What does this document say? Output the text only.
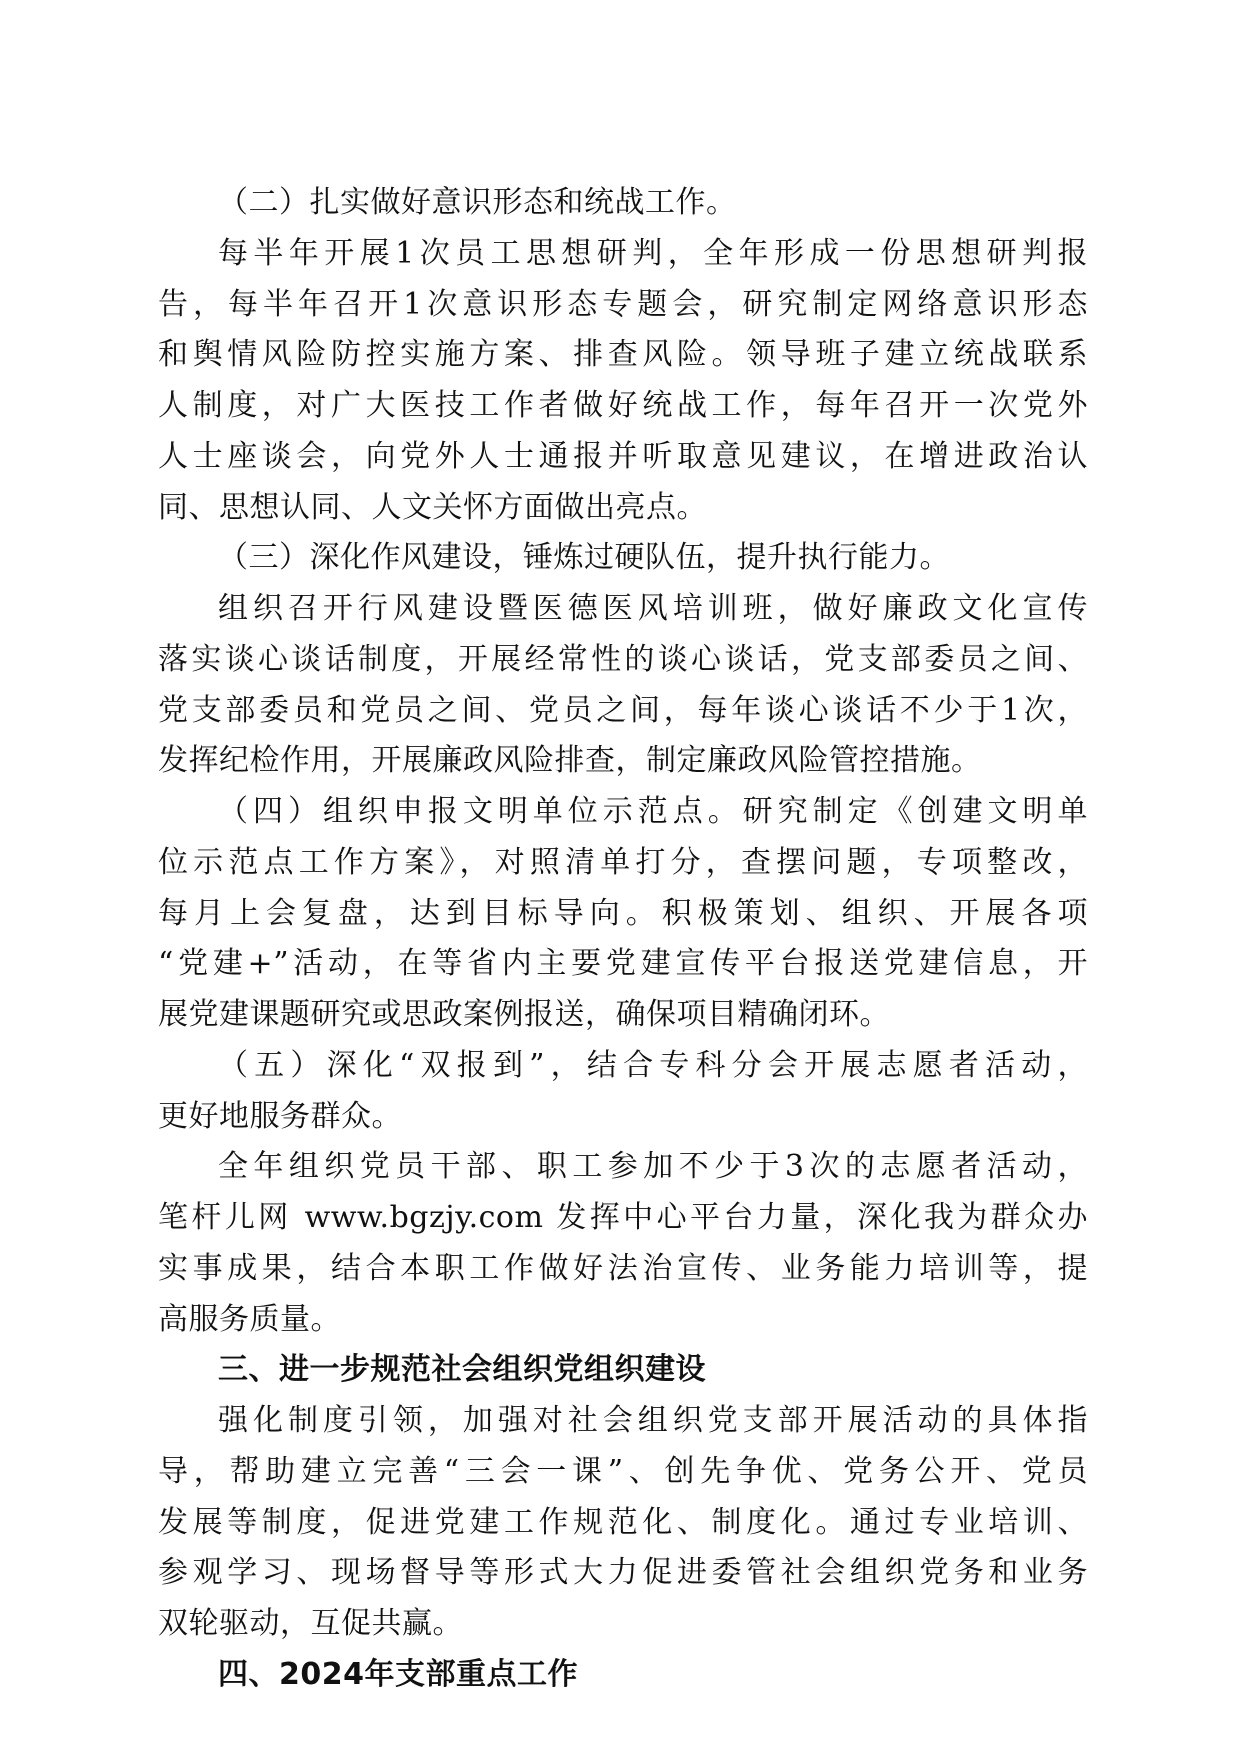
（二）扎实做好意识形态和统战工作。
每半年开展1次员工思想研判，全年形成一份思想研判报
告，每半年召开1次意识形态专题会，研究制定网络意识形态
和舆情风险防控实施方案、排查风险。领导班子建立统战联系
人制度，对广大医技工作者做好统战工作，每年召开一次党外
人士座谈会，向党外人士通报并听取意见建议，在增进政治认
同、思想认同、人文关怀方面做出亮点。
（三）深化作风建设，锤炼过硬队伍，提升执行能力。
组织召开行风建设暨医德医风培训班，做好廉政文化宣传
落实谈心谈话制度，开展经常性的谈心谈话，党支部委员之间、
党支部委员和党员之间、党员之间，每年谈心谈话不少于1次，
发挥纪检作用，开展廉政风险排查，制定廉政风险管控措施。
（四）组织申报文明单位示范点。研究制定《创建文明单
位示范点工作方案》，对照清单打分，查摆问题，专项整改，
每月上会复盘，达到目标导向。积极策划、组织、开展各项
“党建+”活动，在等省内主要党建宣传平台报送党建信息，开
展党建课题研究或思政案例报送，确保项目精确闭环。
（五）深化“双报到”，结合专科分会开展志愿者活动，
更好地服务群众。
全年组织党员干部、职工参加不少于3次的志愿者活动，
笔杆儿网 www.bgzjy.com 发挥中心平台力量，深化我为群众办
实事成果，结合本职工作做好法治宣传、业务能力培训等，提
高服务质量。
三、进一步规范社会组织党组织建设
强化制度引领，加强对社会组织党支部开展活动的具体指
导，帮助建立完善“三会一课”、创先争优、党务公开、党员
发展等制度，促进党建工作规范化、制度化。通过专业培训、
参观学习、现场督导等形式大力促进委管社会组织党务和业务
双轮驱动，互促共赢。
四、2024年支部重点工作
